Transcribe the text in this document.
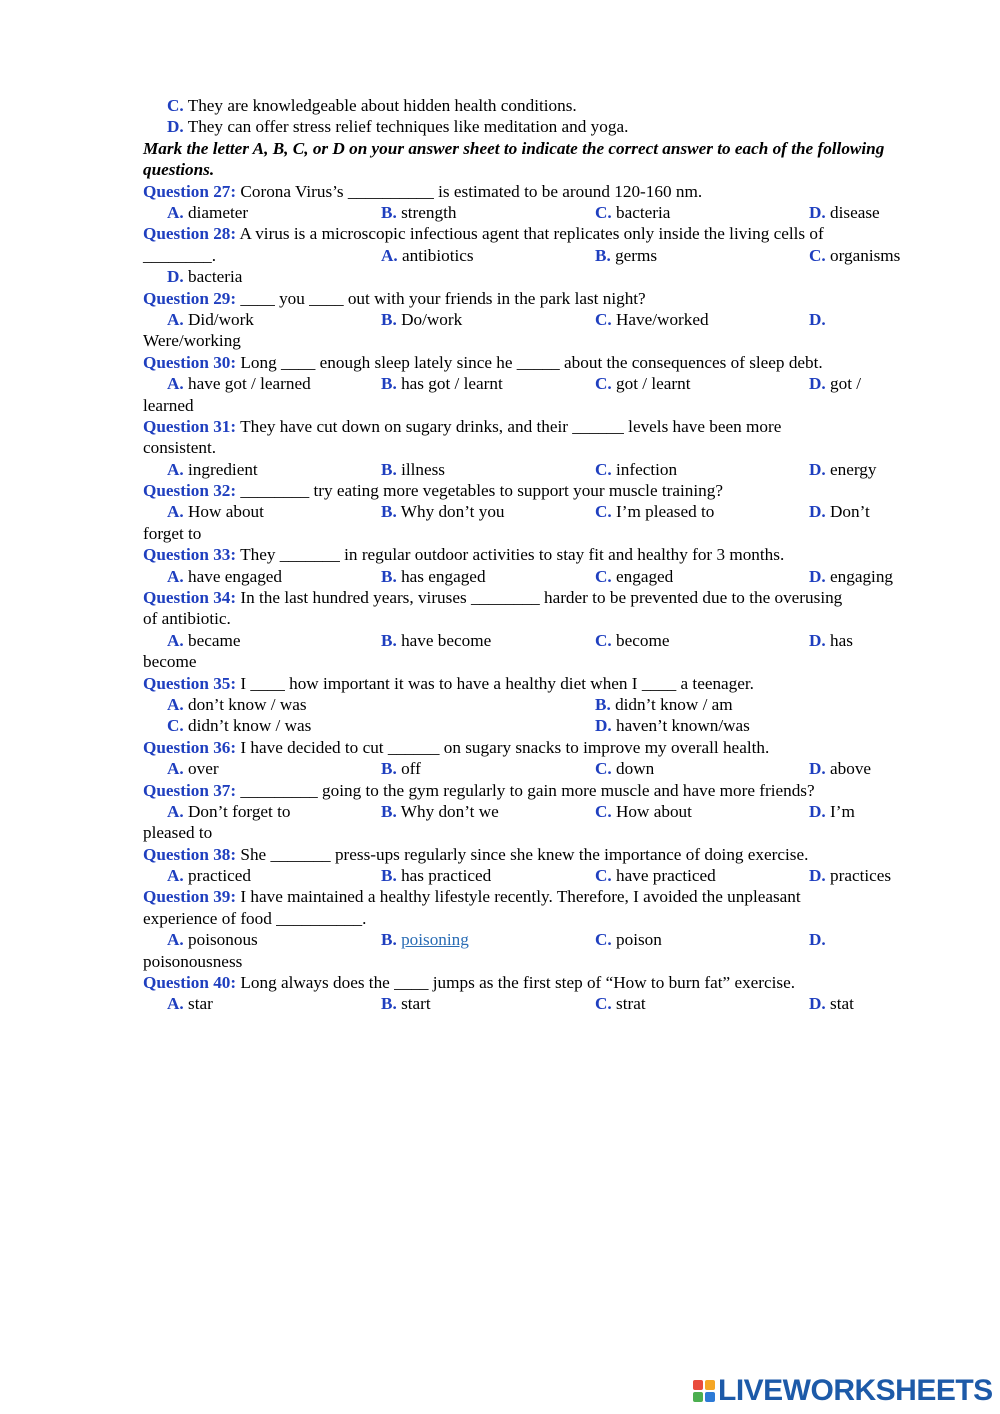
C. They are knowledgeable about hidden health conditions.
D. They can offer stress relief techniques like meditation and yoga.
Mark the letter A, B, C, or D on your answer sheet to indicate the correct answer to each of the following questions.
Question 27: Corona Virus’s __________ is estimated to be around 120-160 nm.
A. diameter	B. strength	C. bacteria	D. disease
Question 28: A virus is a microscopic infectious agent that replicates only inside the living cells of
________.	A. antibiotics	B. germs	C. organisms
D. bacteria
Question 29: ____ you ____ out with your friends in the park last night?
A. Did/work	B. Do/work	C. Have/worked	D.
Were/working
Question 30: Long ____ enough sleep lately since he _____ about the consequences of sleep debt.
A. have got / learned	B. has got / learnt	C. got / learnt	D. got /
learned
Question 31: They have cut down on sugary drinks, and their ______ levels have been more
consistent.
A. ingredient	B. illness	C. infection	D. energy
Question 32: ________ try eating more vegetables to support your muscle training?
A. How about	B. Why don’t you	C. I’m pleased to	D. Don’t
forget to
Question 33: They _______ in regular outdoor activities to stay fit and healthy for 3 months.
A. have engaged	B. has engaged	C. engaged	D. engaging
Question 34: In the last hundred years, viruses ________ harder to be prevented due to the overusing
of antibiotic.
A. became	B. have become	C. become	D. has
become
Question 35: I ____ how important it was to have a healthy diet when I ____ a teenager.
A. don’t know / was	B. didn’t know / am
C. didn’t know / was	D. haven’t known/was
Question 36: I have decided to cut ______ on sugary snacks to improve my overall health.
A. over	B. off	C. down	D. above
Question 37: _________ going to the gym regularly to gain more muscle and have more friends?
A. Don’t forget to	B. Why don’t we	C. How about	D. I’m
pleased to
Question 38: She _______ press-ups regularly since she knew the importance of doing exercise.
A. practiced	B. has practiced	C. have practiced	D. practices
Question 39: I have maintained a healthy lifestyle recently. Therefore, I avoided the unpleasant
experience of food __________.
A. poisonous	B. poisoning	C. poison	D.
poisonousness
Question 40: Long always does the ____ jumps as the first step of “How to burn fat” exercise.
A. star	B. start	C. strat	D. stat
LIVEWORKSHEETS
